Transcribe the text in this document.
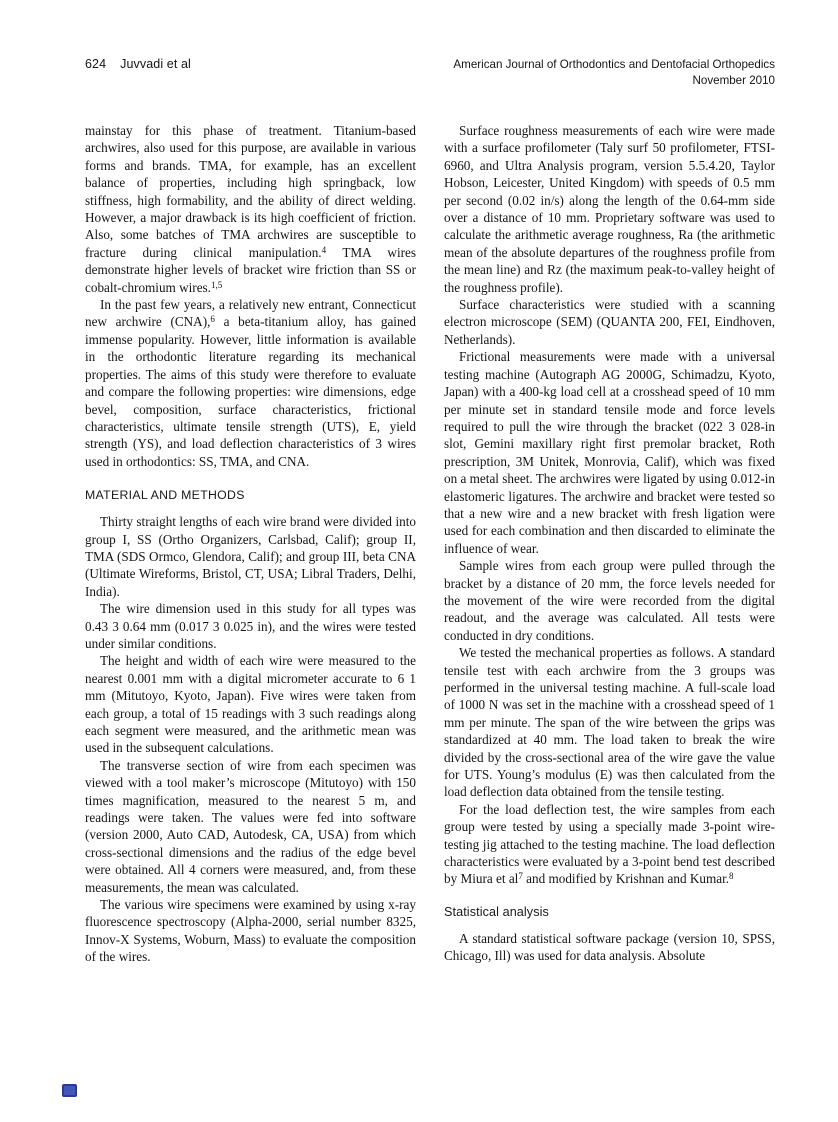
624 Juvvadi et al	American Journal of Orthodontics and Dentofacial Orthopedics
November 2010

mainstay for this phase of treatment. Titanium-based archwires, also used for this purpose, are available in various forms and brands. TMA, for example, has an excellent balance of properties, including high springback, low stiffness, high formability, and the ability of direct welding. However, a major drawback is its high coefficient of friction. Also, some batches of TMA archwires are susceptible to fracture during clinical manipulation.$^4$ TMA wires demonstrate higher levels of bracket wire friction than SS or cobalt-chromium wires.$^{1,5}$

In the past few years, a relatively new entrant, Connecticut new archwire (CNA),$^6$ a beta-titanium alloy, has gained immense popularity. However, little information is available in the orthodontic literature regarding its mechanical properties. The aims of this study were therefore to evaluate and compare the following properties: wire dimensions, edge bevel, composition, surface characteristics, frictional characteristics, ultimate tensile strength (UTS), E, yield strength (YS), and load deflection characteristics of 3 wires used in orthodontics: SS, TMA, and CNA.

MATERIAL AND METHODS

Thirty straight lengths of each wire brand were divided into group I, SS (Ortho Organizers, Carlsbad, Calif); group II, TMA (SDS Ormco, Glendora, Calif); and group III, beta CNA (Ultimate Wireforms, Bristol, CT, USA; Libral Traders, Delhi, India).

The wire dimension used in this study for all types was 0.43 3 0.64 mm (0.017 3 0.025 in), and the wires were tested under similar conditions.

The height and width of each wire were measured to the nearest 0.001 mm with a digital micrometer accurate to 6 1 mm (Mitutoyo, Kyoto, Japan). Five wires were taken from each group, a total of 15 readings with 3 such readings along each segment were measured, and the arithmetic mean was used in the subsequent calculations.

The transverse section of wire from each specimen was viewed with a tool maker’s microscope (Mitutoyo) with 150 times magnification, measured to the nearest 5 m, and readings were taken. The values were fed into software (version 2000, Auto CAD, Autodesk, CA, USA) from which cross-sectional dimensions and the radius of the edge bevel were obtained. All 4 corners were measured, and, from these measurements, the mean was calculated.

The various wire specimens were examined by using x-ray fluorescence spectroscopy (Alpha-2000, serial number 8325, Innov-X Systems, Woburn, Mass) to evaluate the composition of the wires.

Surface roughness measurements of each wire were made with a surface profilometer (Taly surf 50 profilometer, FTSI-6960, and Ultra Analysis program, version 5.5.4.20, Taylor Hobson, Leicester, United Kingdom) with speeds of 0.5 mm per second (0.02 in/s) along the length of the 0.64-mm side over a distance of 10 mm. Proprietary software was used to calculate the arithmetic average roughness, Ra (the arithmetic mean of the absolute departures of the roughness profile from the mean line) and Rz (the maximum peak-to-valley height of the roughness profile).

Surface characteristics were studied with a scanning electron microscope (SEM) (QUANTA 200, FEI, Eindhoven, Netherlands).

Frictional measurements were made with a universal testing machine (Autograph AG 2000G, Schimadzu, Kyoto, Japan) with a 400-kg load cell at a crosshead speed of 10 mm per minute set in standard tensile mode and force levels required to pull the wire through the bracket (022 3 028-in slot, Gemini maxillary right first premolar bracket, Roth prescription, 3M Unitek, Monrovia, Calif), which was fixed on a metal sheet. The archwires were ligated by using 0.012-in elastomeric ligatures. The archwire and bracket were tested so that a new wire and a new bracket with fresh ligation were used for each combination and then discarded to eliminate the influence of wear.

Sample wires from each group were pulled through the bracket by a distance of 20 mm, the force levels needed for the movement of the wire were recorded from the digital readout, and the average was calculated. All tests were conducted in dry conditions.

We tested the mechanical properties as follows. A standard tensile test with each archwire from the 3 groups was performed in the universal testing machine. A full-scale load of 1000 N was set in the machine with a crosshead speed of 1 mm per minute. The span of the wire between the grips was standardized at 40 mm. The load taken to break the wire divided by the cross-sectional area of the wire gave the value for UTS. Young’s modulus (E) was then calculated from the load deflection data obtained from the tensile testing.

For the load deflection test, the wire samples from each group were tested by using a specially made 3-point wire-testing jig attached to the testing machine. The load deflection characteristics were evaluated by a 3-point bend test described by Miura et $al^7$ and modified by Krishnan and Kumar.$^8$

Statistical analysis

A standard statistical software package (version 10, SPSS, Chicago, Ill) was used for data analysis. Absolute
